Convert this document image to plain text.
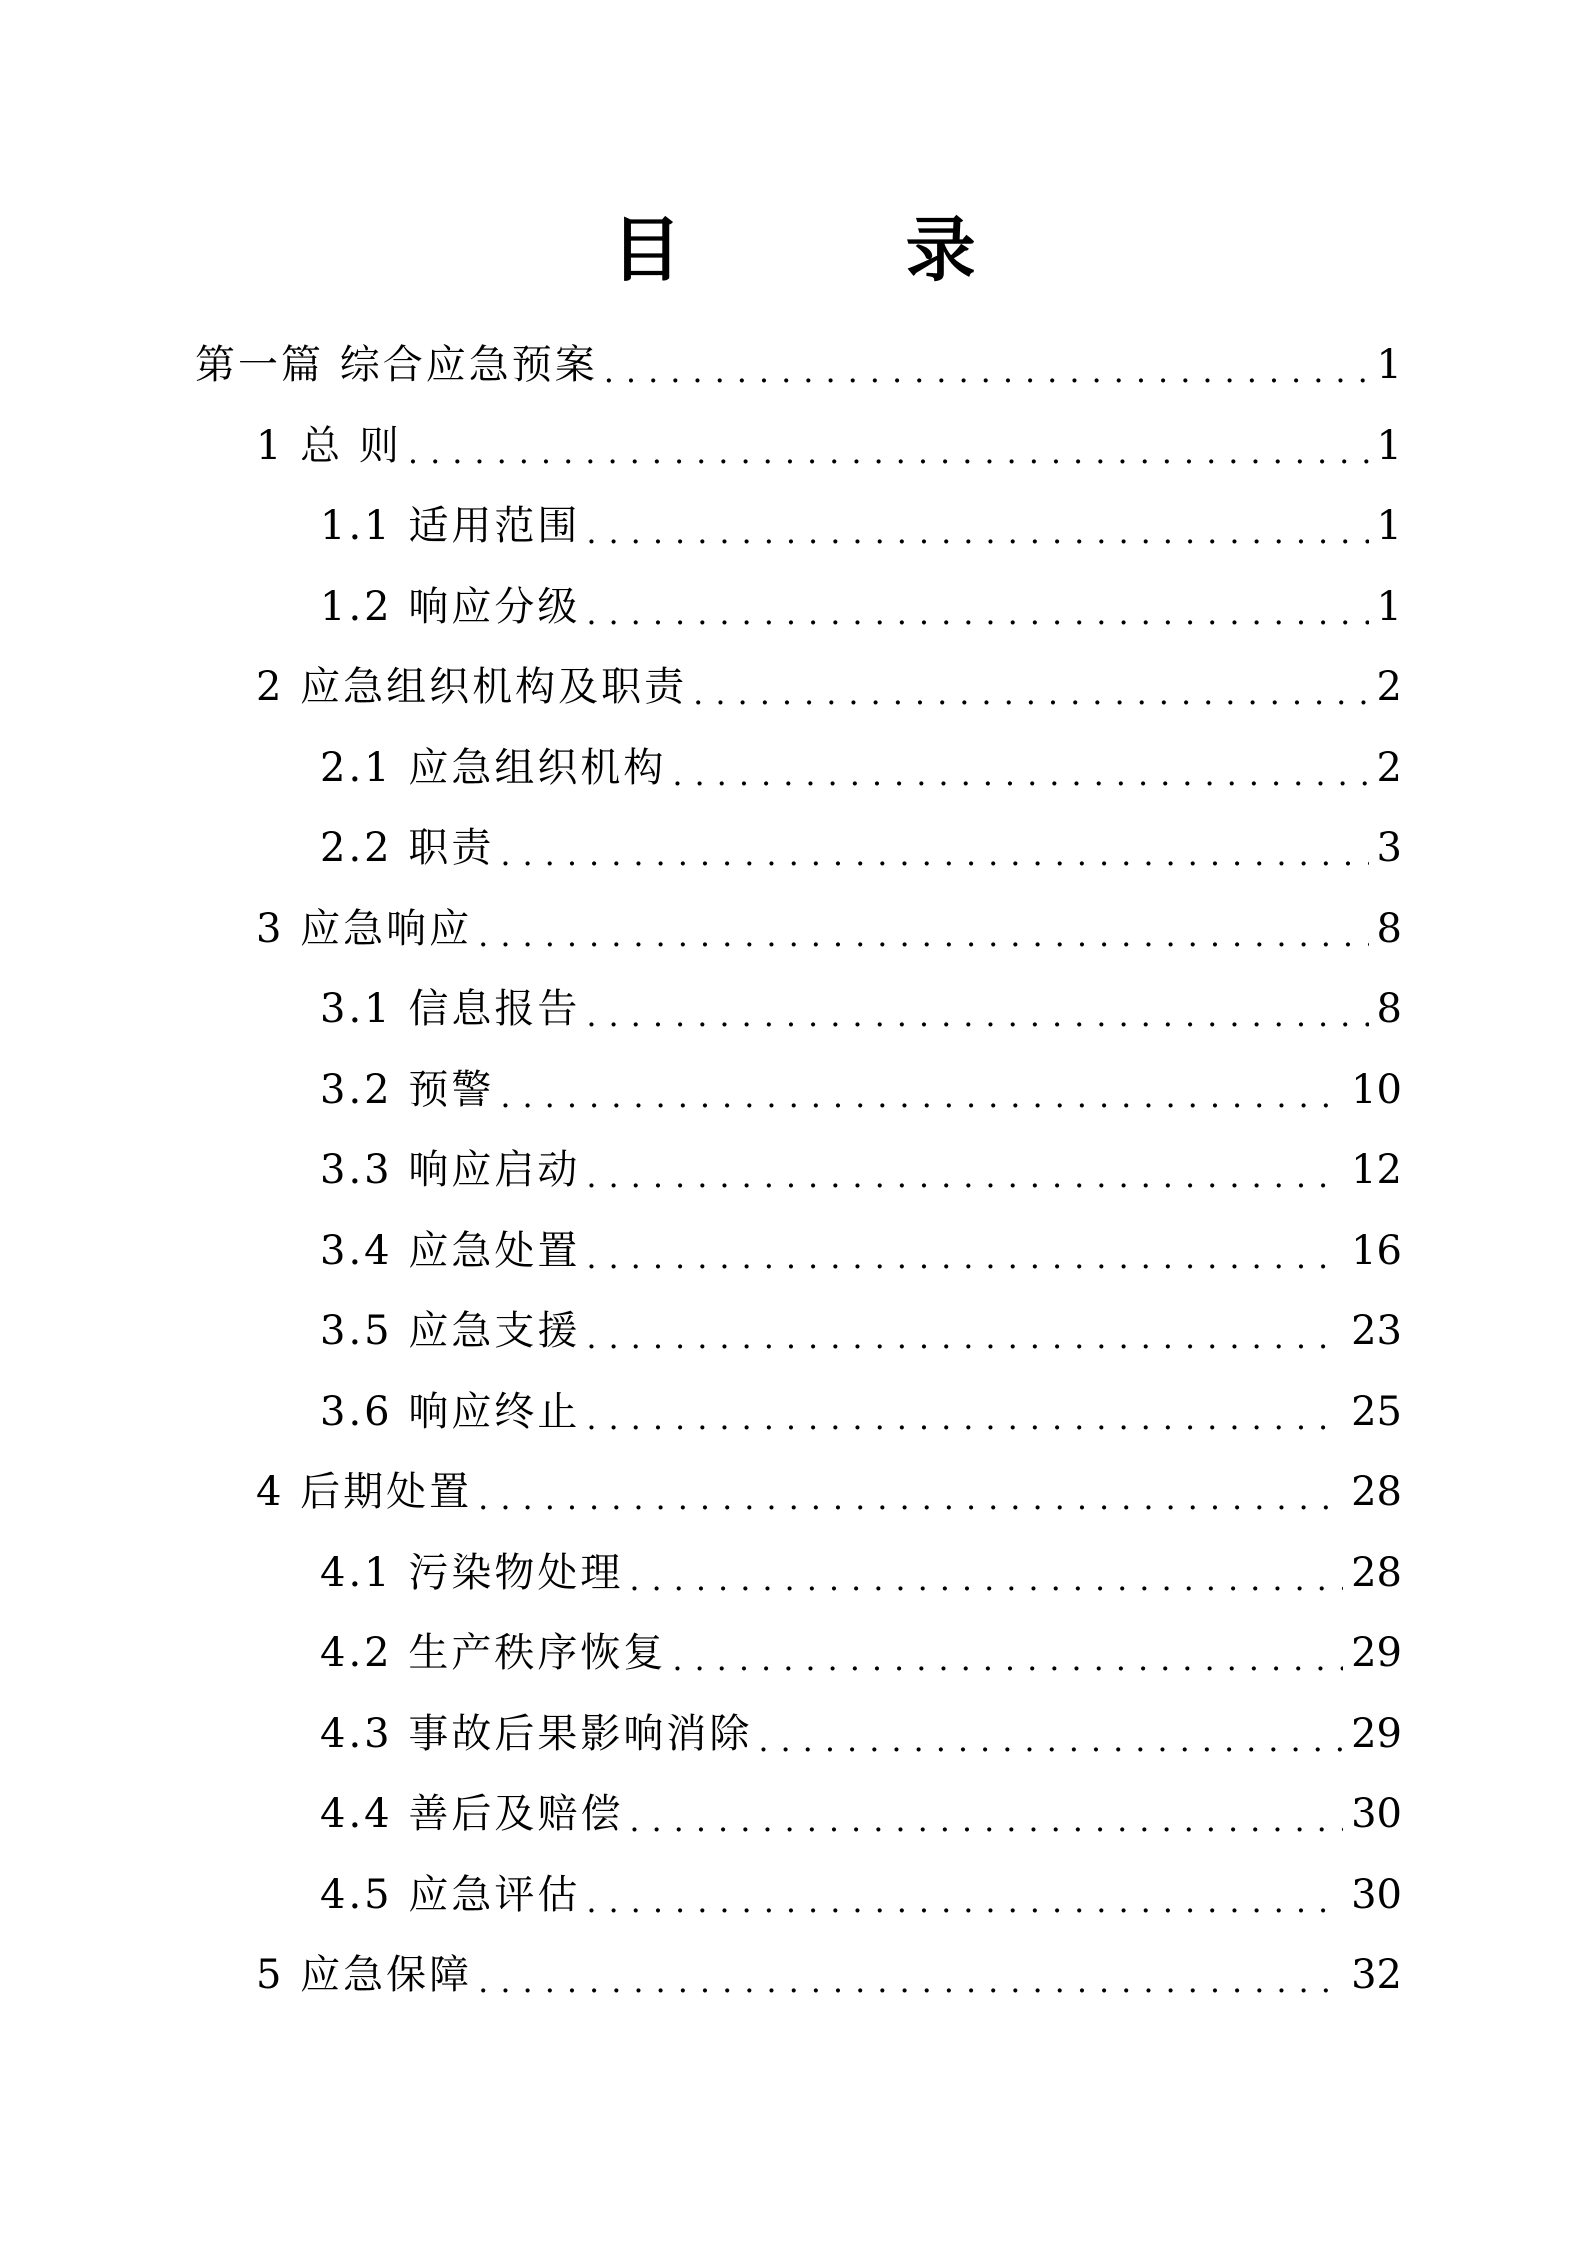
目 录
第一篇 综合应急预案 .....	1
1 总 则 .....	1
1.1 适用范围 .....	1
1.2 响应分级 .....	1
2 应急组织机构及职责 .....	2
2.1 应急组织机构 .....	2
2.2 职责 .....	3
3 应急响应 .....	8
3.1 信息报告 .....	8
3.2 预警 .....	10
3.3 响应启动 .....	12
3.4 应急处置 .....	16
3.5 应急支援 .....	23
3.6 响应终止 .....	25
4 后期处置 .....	28
4.1 污染物处理 .....	28
4.2 生产秩序恢复 .....	29
4.3 事故后果影响消除 .....	29
4.4 善后及赔偿 .....	30
4.5 应急评估 .....	30
5 应急保障 .....	32
